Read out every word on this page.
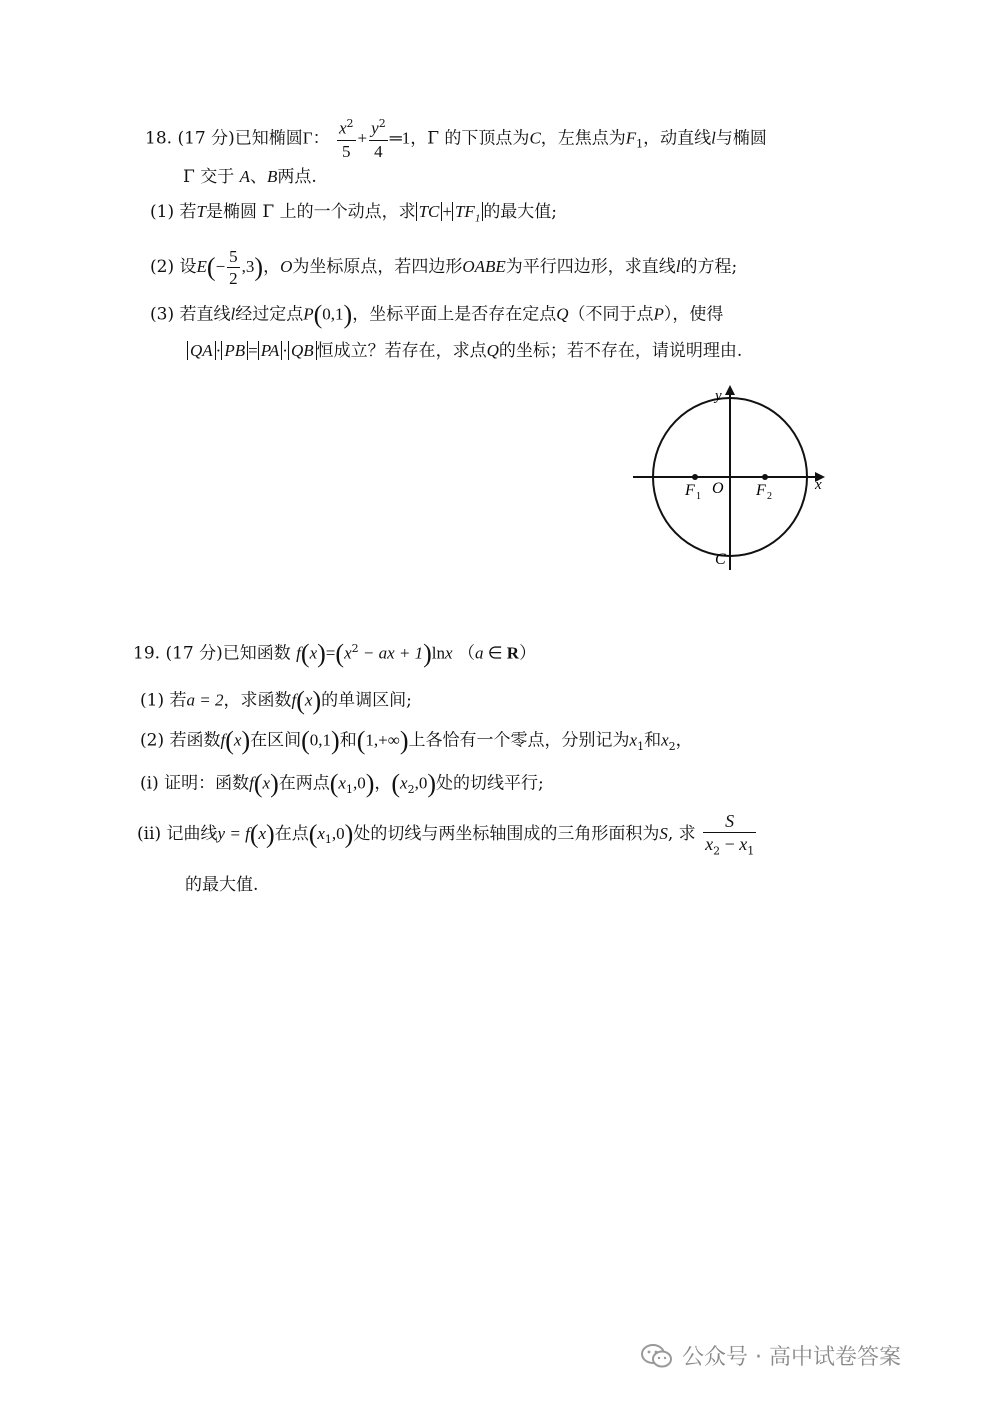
18. (17 分)已知椭圆Γ： $\frac{x^2}{5} + \frac{y^2}{4}$ ═1，Γ 的下顶点为C，左焦点为$F_1$，动直线l与椭圆
Γ 交于 A、B两点.
(1) 若T是椭圆 Γ 上的一个动点，求 TC + $TF_1$ 的最大值;
(2) 设$E(- \frac{5}{2} ,3)$，O为坐标原点，若四边形OABE为平行四边形，求直线l的方程;
(3) 若直线l经过定点P(0,1)，坐标平面上是否存在定点Q（不同于点P），使得
QA · PB = PA · QB 恒成立？若存在，求点Q的坐标；若不存在，请说明理由.
y
x
O
F 1	F 2
C
19. (17 分)已知函数 $f(x)=(x^2$ − ax + 1)lnx （a ∈ R）
(1) 若a = 2，求函数f(x)的单调区间;
(2) 若函数f(x)在区间(0,1)和(1,+∞)上各恰有一个零点，分别记为$x_1$和$x_2$，
(ⅰ) 证明：函数f(x)在两点$(x_1,0)$，$(x_2,0)$处的切线平行;
(ⅱ) 记曲线y = f(x)在点$(x_1,0)$处的切线与两坐标轴围成的三角形面积为S, 求 $\frac{S}{x_2 - x_1}$
的最大值.
公众号 · 高中试卷答案
